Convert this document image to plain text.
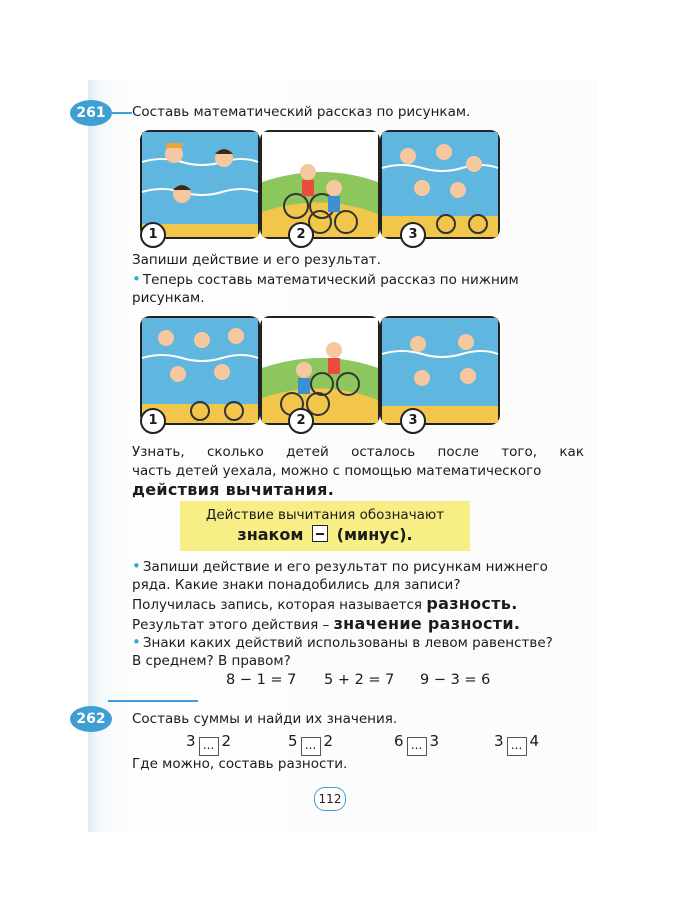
261	Составь математический рассказ по рисункам.
1	2	3
Запиши действие и его результат.
• Теперь составь математический рассказ по нижним
рисункам.
1	2	3
Узнать, сколько детей осталось после того, как
часть детей уехала, можно с помощью математического
действия вычитания.
Действие вычитания обозначают
знаком (минус).
• Запиши действие и его результат по рисункам нижнего
ряда. Какие знаки понадобились для записи?
Получилась запись, которая называется разность.
Результат этого действия – значение разности.
• Знаки каких действий использованы в левом равенстве?
В среднем? В правом?
8 − 1 = 7 5 + 2 = 7 9 − 3 = 6
262	Составь суммы и найди их значения.
3 ... 2	5 ... 2	6 ... 3	3 ... 4
Где можно, составь разности.
112
